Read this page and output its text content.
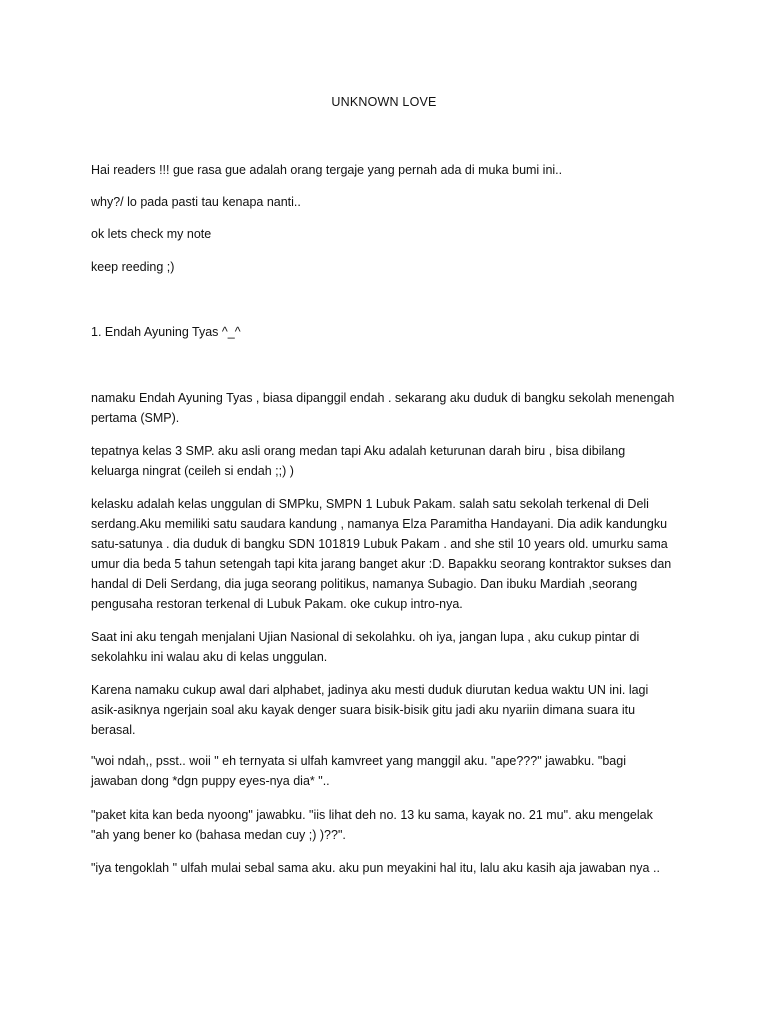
UNKNOWN LOVE
Hai readers !!! gue rasa gue adalah orang tergaje yang pernah ada di muka bumi ini..
why?/ lo pada pasti tau kenapa nanti..
ok lets check my note
keep reeding ;)
1. Endah Ayuning Tyas ^_^
namaku Endah Ayuning Tyas , biasa dipanggil endah . sekarang aku duduk di bangku sekolah menengah
pertama (SMP).
tepatnya kelas 3 SMP. aku asli orang medan tapi Aku adalah keturunan darah biru , bisa dibilang
keluarga ningrat (ceileh si endah ;;) )
kelasku adalah kelas unggulan di SMPku, SMPN 1 Lubuk Pakam. salah satu sekolah terkenal di Deli
serdang.Aku memiliki satu saudara kandung , namanya Elza Paramitha Handayani. Dia adik kandungku
satu-satunya . dia duduk di bangku SDN 101819 Lubuk Pakam . and she stil 10 years old. umurku sama
umur dia beda 5 tahun setengah tapi kita jarang banget akur :D. Bapakku seorang kontraktor sukses dan
handal di Deli Serdang, dia juga seorang politikus, namanya Subagio. Dan ibuku Mardiah ,seorang
pengusaha restoran terkenal di Lubuk Pakam. oke cukup intro-nya.
Saat ini aku tengah menjalani Ujian Nasional di sekolahku. oh iya, jangan lupa , aku cukup pintar di
sekolahku ini walau aku di kelas unggulan.
Karena namaku cukup awal dari alphabet, jadinya aku mesti duduk diurutan kedua waktu UN ini. lagi
asik-asiknya ngerjain soal aku kayak denger suara bisik-bisik gitu jadi aku nyariin dimana suara itu
berasal.
"woi ndah,, psst.. woii " eh ternyata si ulfah kamvreet yang manggil aku. "ape???" jawabku. "bagi
jawaban dong *dgn puppy eyes-nya dia* "..
"paket kita kan beda nyoong" jawabku. "iis lihat deh no. 13 ku sama, kayak no. 21 mu". aku mengelak
"ah yang bener ko (bahasa medan cuy ;) )??".
"iya tengoklah " ulfah mulai sebal sama aku. aku pun meyakini hal itu, lalu aku kasih aja jawaban nya ..
